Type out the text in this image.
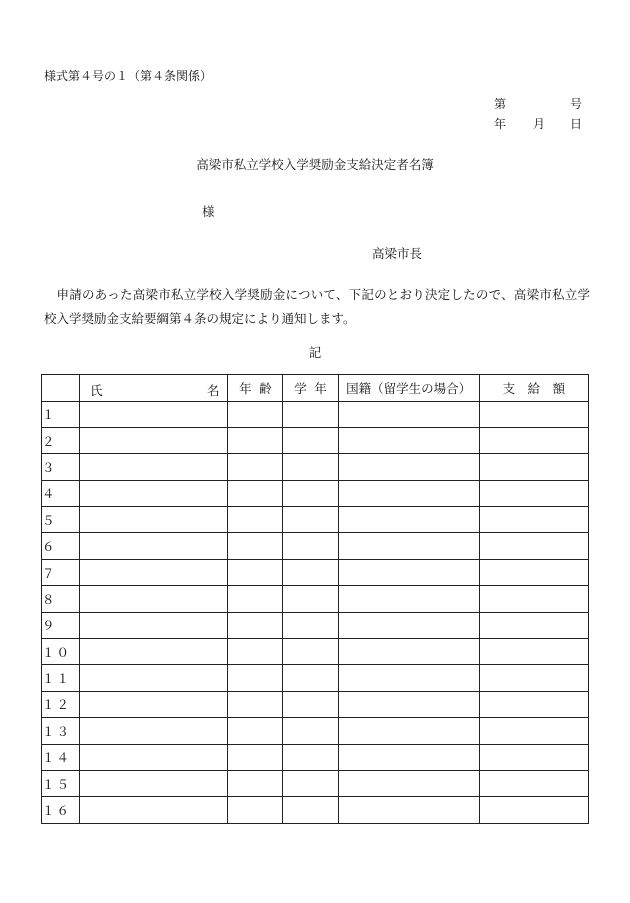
様式第４号の１（第４条関係）
第	号
年 月 日
高梁市私立学校入学奨励金支給決定者名簿
様
高梁市長

申請のあった高梁市私立学校入学奨励金について、下記のとおり決定したので、高梁市私立学校入学奨励金支給要綱第４条の規定により通知します。

記

	氏 名	年齢	学年	国籍（留学生の場合）	支給額
１					
２					
３					
４					
５					
６					
７					
８					
９					
１０					
１１					
１２					
１３					
１４					
１５					
１６					
